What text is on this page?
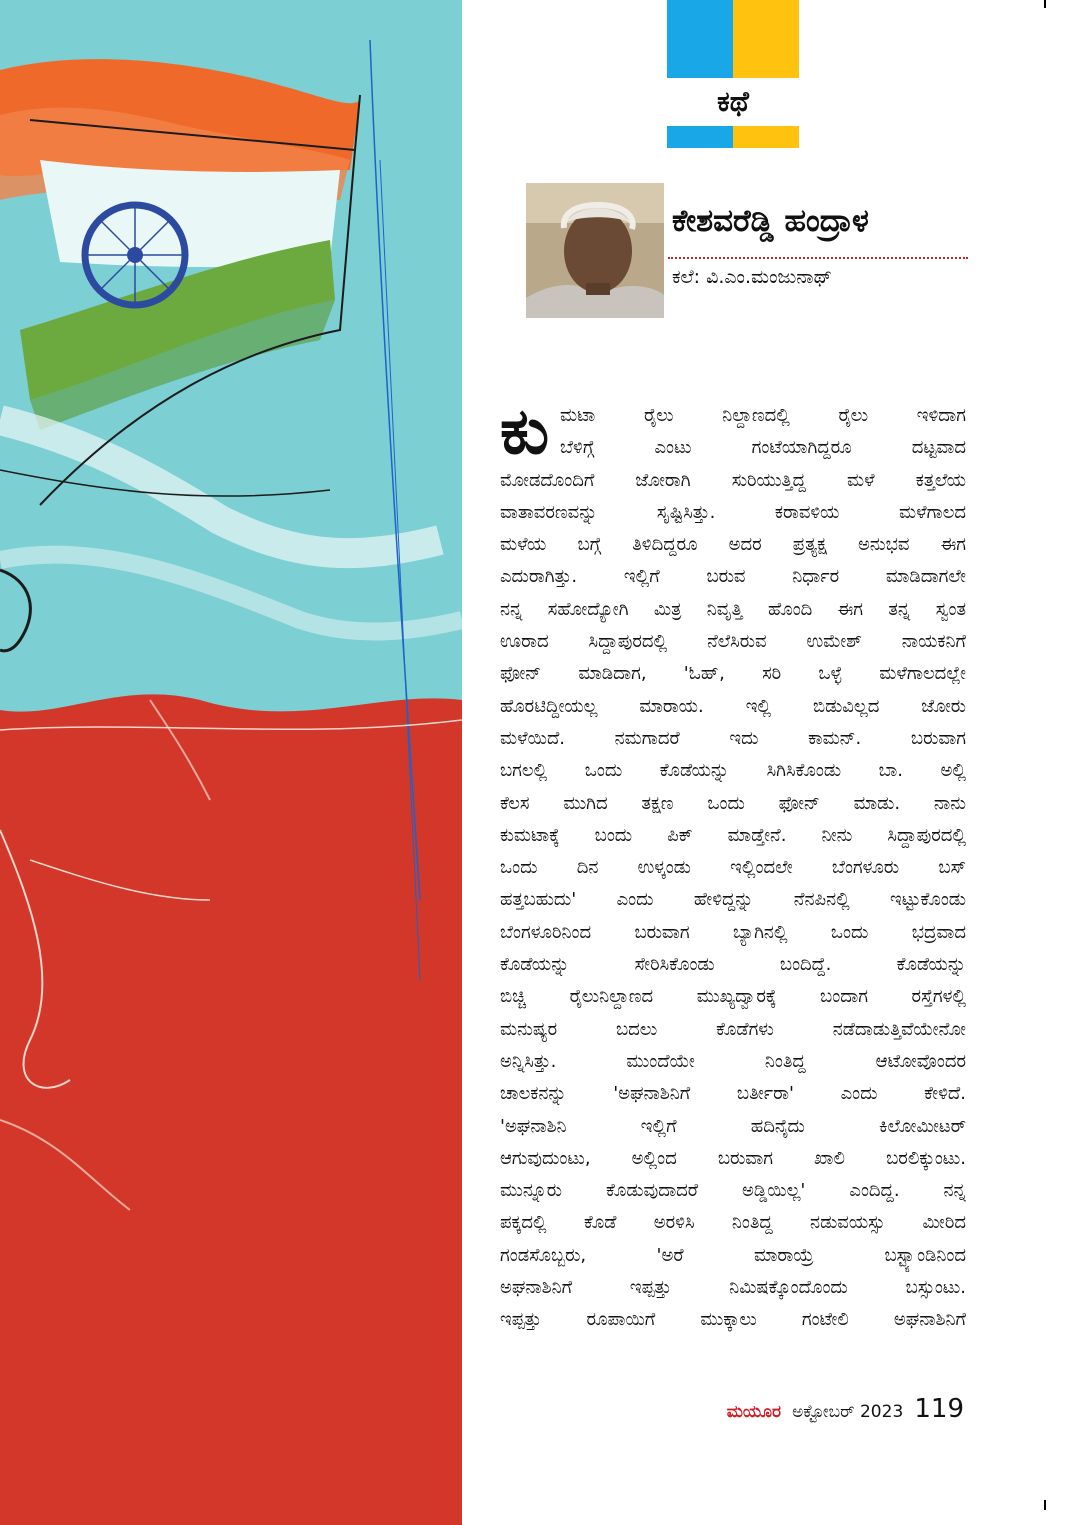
ಕಥೆ
ಕೇಶವರೆಡ್ಡಿ ಹಂದ್ರಾಳ
ಕಲೆ: ವಿ.ಎಂ.ಮಂಜುನಾಥ್
ಕು ಮಟಾ ರೈಲು ನಿಲ್ದಾಣದಲ್ಲಿ ರೈಲು ಇಳಿದಾಗ
ಬೆಳಿಗ್ಗೆ ಎಂಟು ಗಂಟೆಯಾಗಿದ್ದರೂ ದಟ್ಟವಾದ
ಮೋಡದೊಂದಿಗೆ ಜೋರಾಗಿ ಸುರಿಯುತ್ತಿದ್ದ ಮಳೆ ಕತ್ತಲೆಯ
ವಾತಾವರಣವನ್ನು ಸೃಷ್ಟಿಸಿತ್ತು. ಕರಾವಳಿಯ ಮಳೆಗಾಲದ
ಮಳೆಯ ಬಗ್ಗೆ ತಿಳಿದಿದ್ದರೂ ಅದರ ಪ್ರತ್ಯಕ್ಷ ಅನುಭವ ಈಗ
ಎದುರಾಗಿತ್ತು. ಇಲ್ಲಿಗೆ ಬರುವ ನಿರ್ಧಾರ ಮಾಡಿದಾಗಲೇ
ನನ್ನ ಸಹೋದ್ಯೋಗಿ ಮಿತ್ರ ನಿವೃತ್ತಿ ಹೊಂದಿ ಈಗ ತನ್ನ ಸ್ವಂತ
ಊರಾದ ಸಿದ್ದಾಪುರದಲ್ಲಿ ನೆಲೆಸಿರುವ ಉಮೇಶ್ ನಾಯಕನಿಗೆ
ಫೋನ್ ಮಾಡಿದಾಗ, 'ಓಹ್, ಸರಿ ಒಳ್ಳೆ ಮಳೆಗಾಲದಲ್ಲೇ
ಹೊರಟಿದ್ದೀಯಲ್ಲ ಮಾರಾಯ. ಇಲ್ಲಿ ಬಿಡುವಿಲ್ಲದ ಜೋರು
ಮಳೆಯಿದೆ. ನಮಗಾದರೆ ಇದು ಕಾಮನ್. ಬರುವಾಗ
ಬಗಲಲ್ಲಿ ಒಂದು ಕೊಡೆಯನ್ನು ಸಿಗಿಸಿಕೊಂಡು ಬಾ. ಅಲ್ಲಿ
ಕೆಲಸ ಮುಗಿದ ತಕ್ಷಣ ಒಂದು ಫೋನ್ ಮಾಡು. ನಾನು
ಕುಮಟಾಕ್ಕೆ ಬಂದು ಪಿಕ್ ಮಾಡ್ತೇನೆ. ನೀನು ಸಿದ್ದಾಪುರದಲ್ಲಿ
ಒಂದು ದಿನ ಉಳ್ಕಂಡು ಇಲ್ಲಿಂದಲೇ ಬೆಂಗಳೂರು ಬಸ್
ಹತ್ತಬಹುದು' ಎಂದು ಹೇಳಿದ್ದನ್ನು ನೆನಪಿನಲ್ಲಿ ಇಟ್ಟುಕೊಂಡು
ಬೆಂಗಳೂರಿನಿಂದ ಬರುವಾಗ ಬ್ಯಾಗಿನಲ್ಲಿ ಒಂದು ಭದ್ರವಾದ
ಕೊಡೆಯನ್ನು ಸೇರಿಸಿಕೊಂಡು ಬಂದಿದ್ದೆ. ಕೊಡೆಯನ್ನು
ಬಿಚ್ಚಿ ರೈಲುನಿಲ್ದಾಣದ ಮುಖ್ಯದ್ವಾರಕ್ಕೆ ಬಂದಾಗ ರಸ್ತೆಗಳಲ್ಲಿ
ಮನುಷ್ಯರ ಬದಲು ಕೊಡೆಗಳು ನಡೆದಾಡುತ್ತಿವೆಯೇನೋ
ಅನ್ನಿಸಿತ್ತು. ಮುಂದೆಯೇ ನಿಂತಿದ್ದ ಆಟೋವೊಂದರ
ಚಾಲಕನನ್ನು 'ಅಘನಾಶಿನಿಗೆ ಬರ್ತೀರಾ' ಎಂದು ಕೇಳಿದೆ.
'ಅಘನಾಶಿನಿ ಇಲ್ಲಿಗೆ ಹದಿನೈದು ಕಿಲೋಮೀಟರ್
ಆಗುವುದುಂಟು, ಅಲ್ಲಿಂದ ಬರುವಾಗ ಖಾಲಿ ಬರಲಿಕ್ಕುಂಟು.
ಮುನ್ನೂರು ಕೊಡುವುದಾದರೆ ಅಡ್ಡಿಯಿಲ್ಲ' ಎಂದಿದ್ದ. ನನ್ನ
ಪಕ್ಕದಲ್ಲಿ ಕೊಡೆ ಅರಳಿಸಿ ನಿಂತಿದ್ದ ನಡುವಯಸ್ಸು ಮೀರಿದ
ಗಂಡಸೊಬ್ಬರು, 'ಅರೆ ಮಾರಾಯ್ರೆ ಬಸ್ಟ್ಯಾಂಡಿನಿಂದ
ಅಘನಾಶಿನಿಗೆ ಇಪ್ಪತ್ತು ನಿಮಿಷಕ್ಕೊಂದೊಂದು ಬಸ್ಸುಂಟು.
ಇಪ್ಪತ್ತು ರೂಪಾಯಿಗೆ ಮುಕ್ಕಾಲು ಗಂಟೇಲಿ ಅಘನಾಶಿನಿಗೆ
ಮಯೂರ ಅಕ್ಟೋಬರ್ 2023 119
